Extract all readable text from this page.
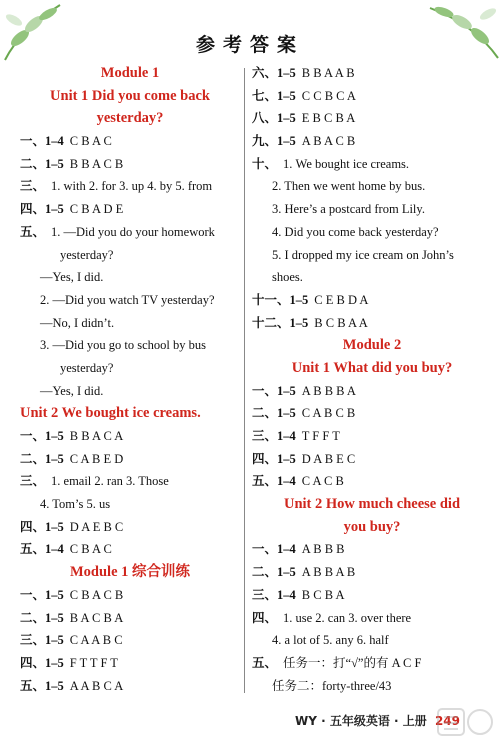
参考答案
Module 1
Unit 1 Did you come back
yesterday?
一、1–4 C B A C
二、1–5 B B A C B
三、 1. with 2. for 3. up 4. by 5. from
四、1–5 C B A D E
五、 1. —Did you do your homework
yesterday?
—Yes, I did.
2. —Did you watch TV yesterday?
—No, I didn’t.
3. —Did you go to school by bus
yesterday?
—Yes, I did.
Unit 2 We bought ice creams.
一、1–5 B B A C A
二、1–5 C A B E D
三、 1. email 2. ran 3. Those
4. Tom’s 5. us
四、1–5 D A E B C
五、1–4 C B A C
Module 1 综合训练
一、1–5 C B A C B
二、1–5 B A C B A
三、1–5 C A A B C
四、1–5 F T T F T
五、1–5 A A B C A
六、1–5 B B A A B
七、1–5 C C B C A
八、1–5 E B C B A
九、1–5 A B A C B
十、 1. We bought ice creams.
2. Then we went home by bus.
3. Here’s a postcard from Lily.
4. Did you come back yesterday?
5. I dropped my ice cream on John’s
shoes.
十一、1–5 C E B D A
十二、1–5 B C B A A
Module 2
Unit 1 What did you buy?
一、1–5 A B B B A
二、1–5 C A B C B
三、1–4 T F F T
四、1–5 D A B E C
五、1–4 C A C B
Unit 2 How much cheese did
you buy?
一、1–4 A B B B
二、1–5 A B B A B
三、1–4 B C B A
四、 1. use 2. can 3. over there
4. a lot of 5. any 6. half
五、 任务一：打“√”的有 A C F
任务二：forty-three/43
WY · 五年级英语 · 上册 249
